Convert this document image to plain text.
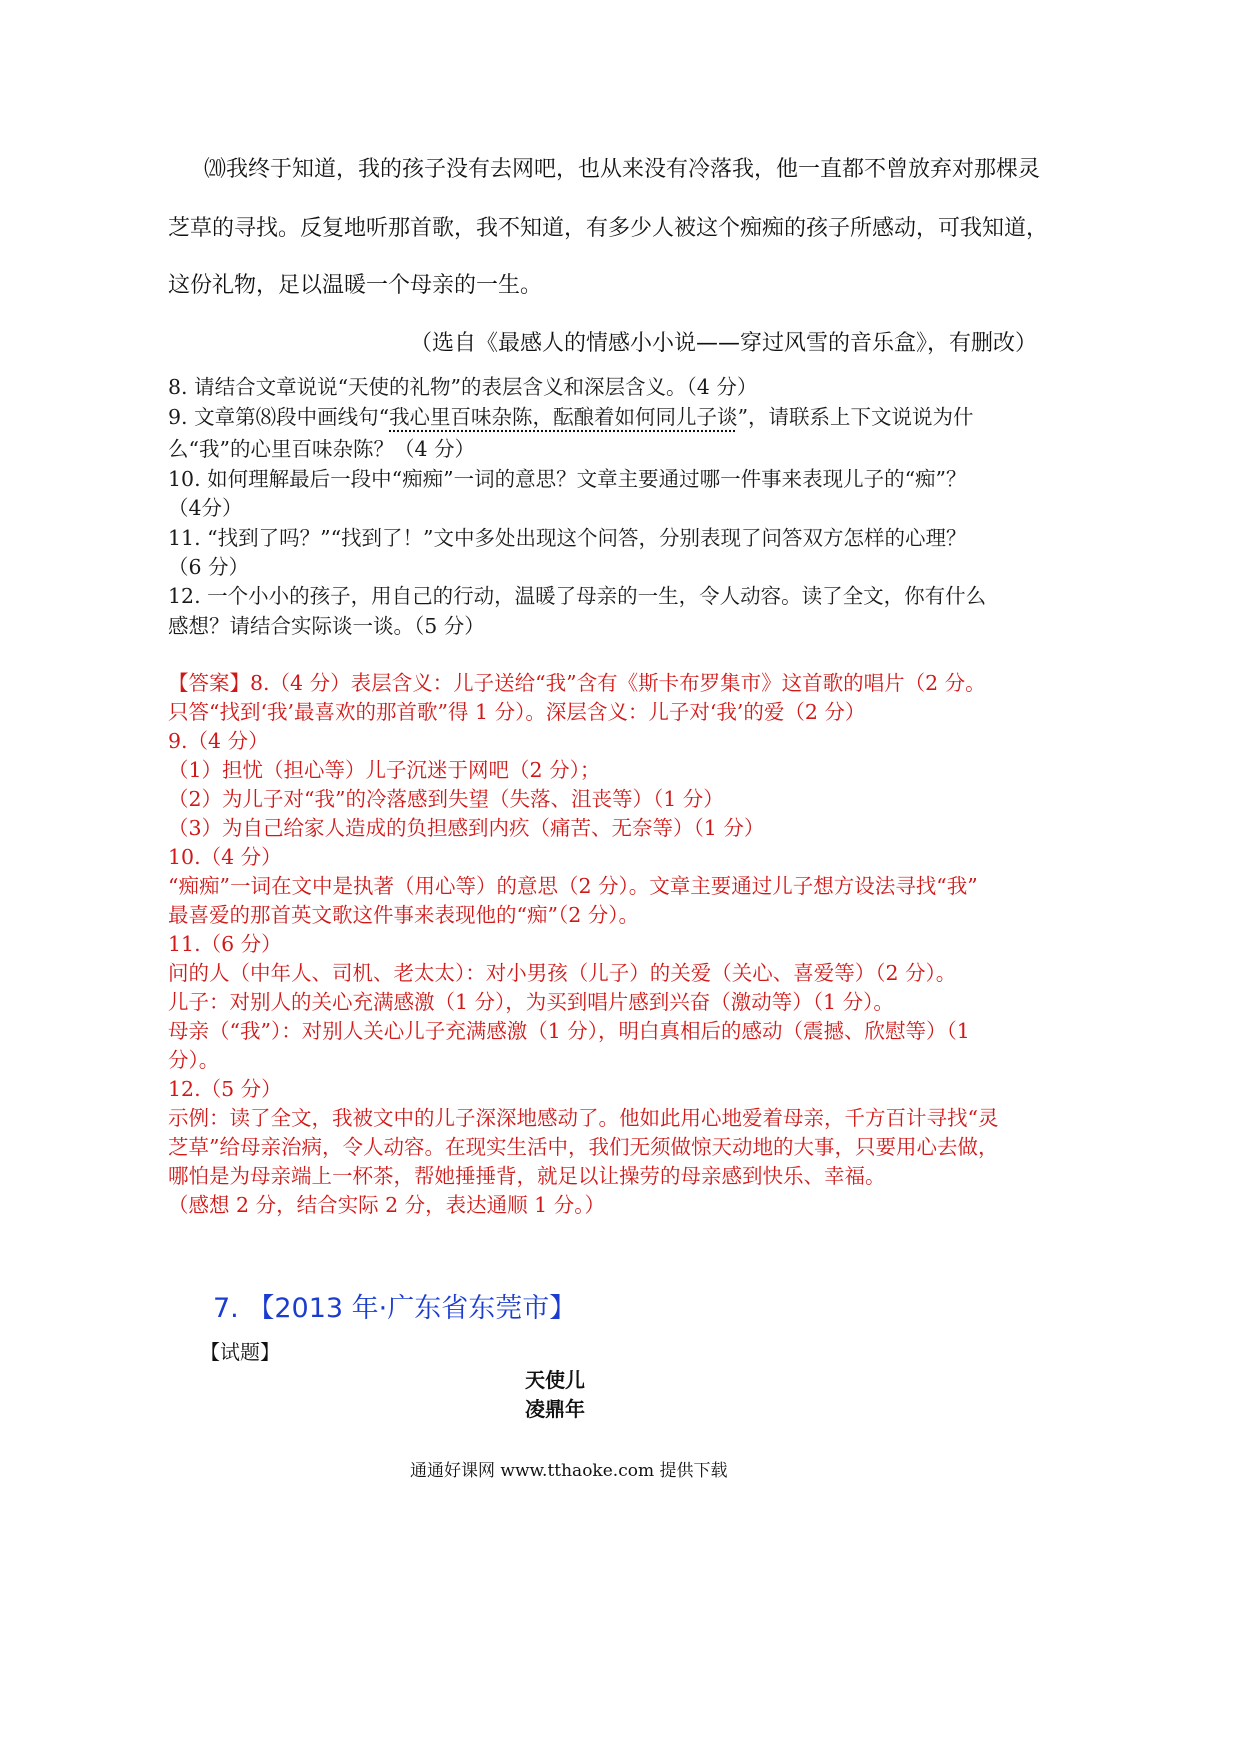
⒇我终于知道，我的孩子没有去网吧，也从来没有冷落我，他一直都不曾放弃对那棵灵
芝草的寻找。反复地听那首歌，我不知道，有多少人被这个痴痴的孩子所感动，可我知道，
这份礼物，足以温暖一个母亲的一生。
（选自《最感人的情感小小说——穿过风雪的音乐盒》，有删改）
8. 请结合文章说说“天使的礼物”的表层含义和深层含义。（4 分）
9. 文章第⑻段中画线句“我心里百味杂陈，酝酿着如何同儿子谈”，请联系上下文说说为什
么“我”的心里百味杂陈？（4 分）
10. 如何理解最后一段中“痴痴”一词的意思？文章主要通过哪一件事来表现儿子的“痴”？
（4分）
11. “找到了吗？”“找到了！”文中多处出现这个问答，分别表现了问答双方怎样的心理？
（6 分）
12. 一个小小的孩子，用自己的行动，温暖了母亲的一生，令人动容。读了全文，你有什么
感想？请结合实际谈一谈。（5 分）
【答案】8.（4 分）表层含义：儿子送给“我”含有《斯卡布罗集市》这首歌的唱片（2 分。
只答“找到‘我’最喜欢的那首歌”得 1 分）。深层含义：儿子对‘我’的爱（2 分）
9.（4 分）
（1）担忧（担心等）儿子沉迷于网吧（2 分）；
（2）为儿子对“我”的冷落感到失望（失落、沮丧等）（1 分）
（3）为自己给家人造成的负担感到内疚（痛苦、无奈等）（1 分）
10.（4 分）
“痴痴”一词在文中是执著（用心等）的意思（2 分）。文章主要通过儿子想方设法寻找“我”
最喜爱的那首英文歌这件事来表现他的“痴”（2 分）。
11.（6 分）
问的人（中年人、司机、老太太）：对小男孩（儿子）的关爱（关心、喜爱等）（2 分）。
儿子：对别人的关心充满感激（1 分），为买到唱片感到兴奋（激动等）（1 分）。
母亲（“我”）：对别人关心儿子充满感激（1 分），明白真相后的感动（震撼、欣慰等）（1
分）。
12.（5 分）
示例：读了全文，我被文中的儿子深深地感动了。他如此用心地爱着母亲，千方百计寻找“灵
芝草”给母亲治病，令人动容。在现实生活中，我们无须做惊天动地的大事，只要用心去做，
哪怕是为母亲端上一杯茶，帮她捶捶背，就足以让操劳的母亲感到快乐、幸福。
（感想 2 分，结合实际 2 分，表达通顺 1 分。）
7. 【2013 年·广东省东莞市】
【试题】
天使儿
凌鼎年
通通好课网 www.tthaoke.com 提供下载
